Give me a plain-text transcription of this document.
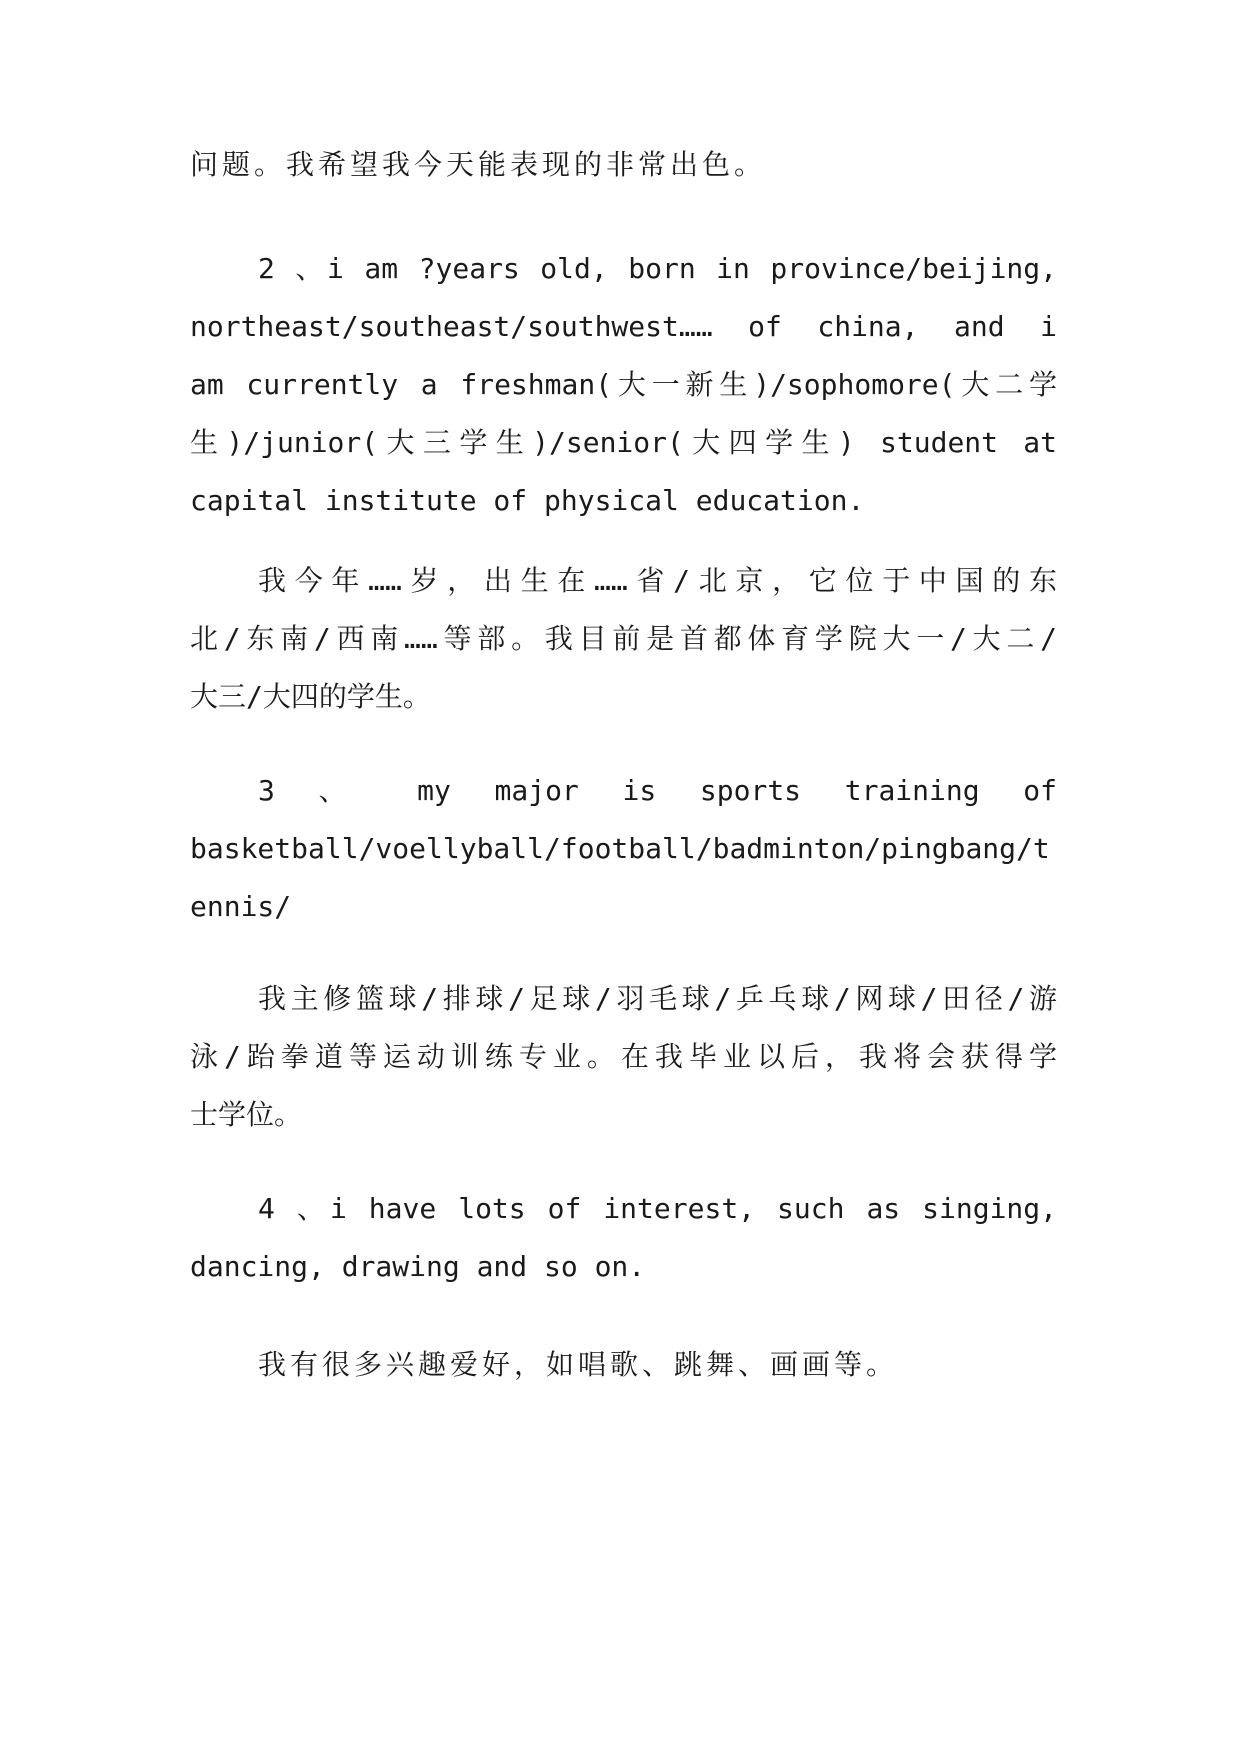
问题。我希望我今天能表现的非常出色。
2 、i am ?years old, born in province/beijing,
northeast/southeast/southwest…… of china, and i
am currently a freshman(大一新生)/sophomore(大二学
生)/junior(大三学生)/senior(大四学生) student at
capital institute of physical education.
我今年……岁，出生在……省/北京，它位于中国的东
北/东南/西南……等部。我目前是首都体育学院大一/大二/
大三/大四的学生。
3 、 my major is sports training of
basketball/voellyball/football/badminton/pingbang/t
ennis/
我主修篮球/排球/足球/羽毛球/乒乓球/网球/田径/游
泳/跆拳道等运动训练专业。在我毕业以后，我将会获得学
士学位。
4 、i have lots of interest, such as singing,
dancing, drawing and so on.
我有很多兴趣爱好，如唱歌、跳舞、画画等。
